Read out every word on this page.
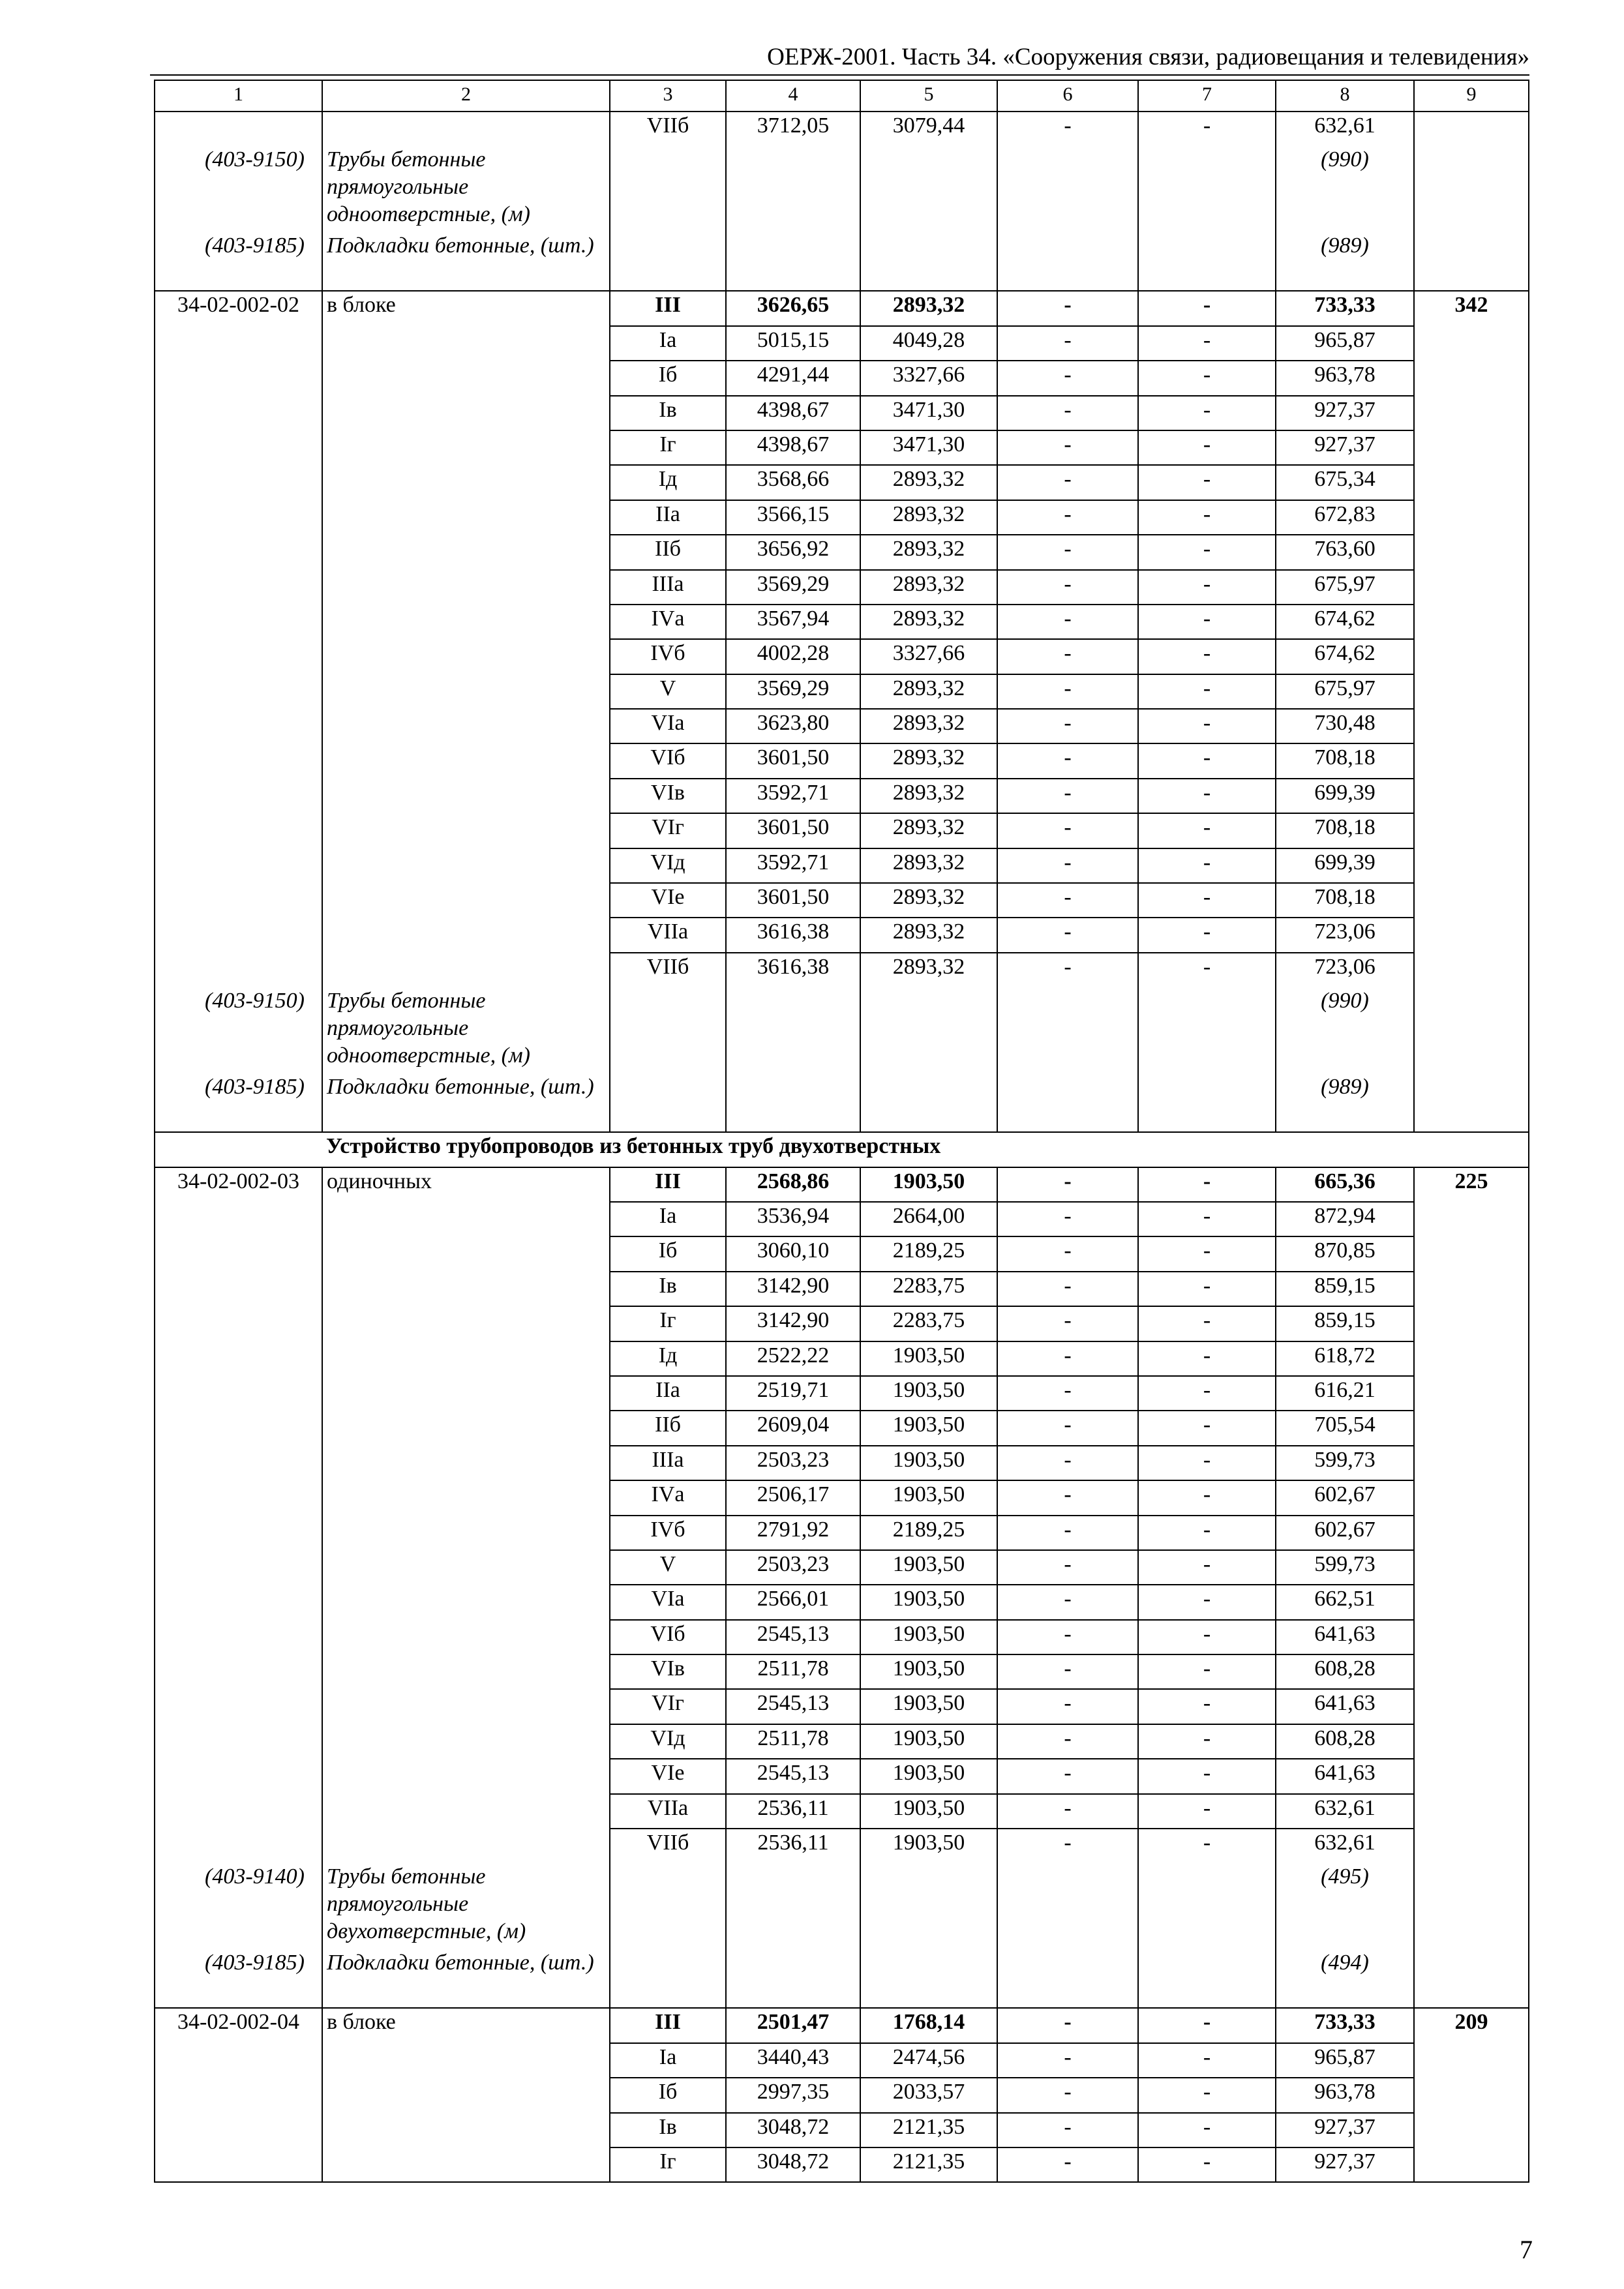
ОЕРЖ-2001. Часть 34. «Сооружения связи, радиовещания и телевидения»
1	2	3	4	5	6	7	8	9
		VIIб	3712,05	3079,44	-	-	632,61	
(403-9150)	Трубы бетонные прямоугольные одноотверстные, (м)						(990)	
(403-9185)	Подкладки бетонные, (шт.)						(989)	
34-02-002-02	в блоке	III	3626,65	2893,32	-	-	733,33	342
		Iа	5015,15	4049,28	-	-	965,87	
		Iб	4291,44	3327,66	-	-	963,78	
		Iв	4398,67	3471,30	-	-	927,37	
		Iг	4398,67	3471,30	-	-	927,37	
		Iд	3568,66	2893,32	-	-	675,34	
		IIа	3566,15	2893,32	-	-	672,83	
		IIб	3656,92	2893,32	-	-	763,60	
		IIIа	3569,29	2893,32	-	-	675,97	
		IVа	3567,94	2893,32	-	-	674,62	
		IVб	4002,28	3327,66	-	-	674,62	
		V	3569,29	2893,32	-	-	675,97	
		VIа	3623,80	2893,32	-	-	730,48	
		VIб	3601,50	2893,32	-	-	708,18	
		VIв	3592,71	2893,32	-	-	699,39	
		VIг	3601,50	2893,32	-	-	708,18	
		VIд	3592,71	2893,32	-	-	699,39	
		VIе	3601,50	2893,32	-	-	708,18	
		VIIа	3616,38	2893,32	-	-	723,06	
		VIIб	3616,38	2893,32	-	-	723,06	
(403-9150)	Трубы бетонные прямоугольные одноотверстные, (м)						(990)	
(403-9185)	Подкладки бетонные, (шт.)						(989)	
	Устройство трубопроводов из бетонных труб двухотверстных							
34-02-002-03	одиночных	III	2568,86	1903,50	-	-	665,36	225
		Iа	3536,94	2664,00	-	-	872,94	
		Iб	3060,10	2189,25	-	-	870,85	
		Iв	3142,90	2283,75	-	-	859,15	
		Iг	3142,90	2283,75	-	-	859,15	
		Iд	2522,22	1903,50	-	-	618,72	
		IIа	2519,71	1903,50	-	-	616,21	
		IIб	2609,04	1903,50	-	-	705,54	
		IIIа	2503,23	1903,50	-	-	599,73	
		IVа	2506,17	1903,50	-	-	602,67	
		IVб	2791,92	2189,25	-	-	602,67	
		V	2503,23	1903,50	-	-	599,73	
		VIа	2566,01	1903,50	-	-	662,51	
		VIб	2545,13	1903,50	-	-	641,63	
		VIв	2511,78	1903,50	-	-	608,28	
		VIг	2545,13	1903,50	-	-	641,63	
		VIд	2511,78	1903,50	-	-	608,28	
		VIе	2545,13	1903,50	-	-	641,63	
		VIIа	2536,11	1903,50	-	-	632,61	
		VIIб	2536,11	1903,50	-	-	632,61	
(403-9140)	Трубы бетонные прямоугольные двухотверстные, (м)						(495)	
(403-9185)	Подкладки бетонные, (шт.)						(494)	
34-02-002-04	в блоке	III	2501,47	1768,14	-	-	733,33	209
		Iа	3440,43	2474,56	-	-	965,87	
		Iб	2997,35	2033,57	-	-	963,78	
		Iв	3048,72	2121,35	-	-	927,37	
		Iг	3048,72	2121,35	-	-	927,37	
7
